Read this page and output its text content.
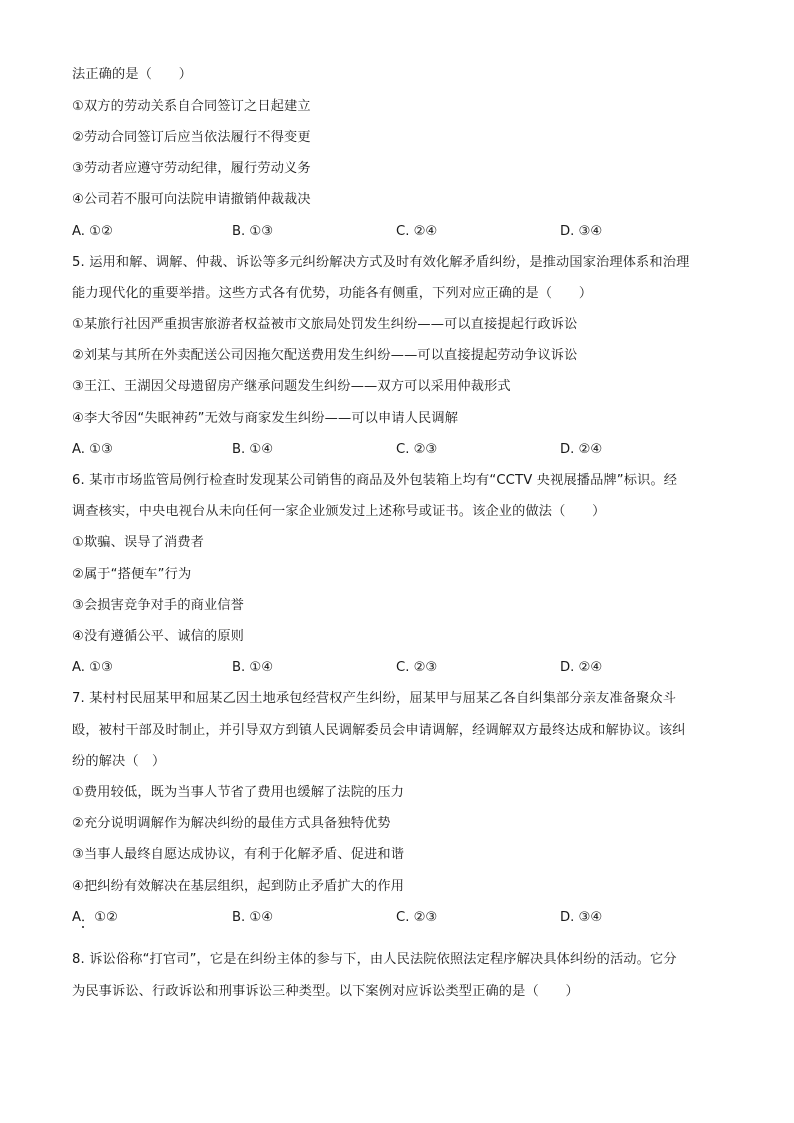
法正确的是（　　）
①双方的劳动关系自合同签订之日起建立
②劳动合同签订后应当依法履行不得变更
③劳动者应遵守劳动纪律，履行劳动义务
④公司若不服可向法院申请撤销仲裁裁决
A. ①②	B. ①③	C. ②④	D. ③④
5. 运用和解、调解、仲裁、诉讼等多元纠纷解决方式及时有效化解矛盾纠纷，是推动国家治理体系和治理
能力现代化的重要举措。这些方式各有优势，功能各有侧重，下列对应正确的是（　　）
①某旅行社因严重损害旅游者权益被市文旅局处罚发生纠纷——可以直接提起行政诉讼
②刘某与其所在外卖配送公司因拖欠配送费用发生纠纷——可以直接提起劳动争议诉讼
③王江、王湖因父母遗留房产继承问题发生纠纷——双方可以采用仲裁形式
④李大爷因“失眠神药”无效与商家发生纠纷——可以申请人民调解
A. ①③	B. ①④	C. ②③	D. ②④
6. 某市市场监管局例行检查时发现某公司销售的商品及外包装箱上均有“CCTV 央视展播品牌”标识。经
调查核实，中央电视台从未向任何一家企业颁发过上述称号或证书。该企业的做法（　　）
①欺骗、误导了消费者
②属于“搭便车”行为
③会损害竞争对手的商业信誉
④没有遵循公平、诚信的原则
A. ①③	B. ①④	C. ②③	D. ②④
7. 某村村民屈某甲和屈某乙因土地承包经营权产生纠纷，屈某甲与屈某乙各自纠集部分亲友准备聚众斗
殴，被村干部及时制止，并引导双方到镇人民调解委员会申请调解，经调解双方最终达成和解协议。该纠
纷的解决（　）
①费用较低，既为当事人节省了费用也缓解了法院的压力
②充分说明调解作为解决纠纷的最佳方式具备独特优势
③当事人最终自愿达成协议，有利于化解矛盾、促进和谐
④把纠纷有效解决在基层组织，起到防止矛盾扩大的作用
A．①②	B. ①④	C. ②③	D. ③④
8. 诉讼俗称“打官司”，它是在纠纷主体的参与下，由人民法院依照法定程序解决具体纠纷的活动。它分
为民事诉讼、行政诉讼和刑事诉讼三种类型。以下案例对应诉讼类型正确的是（　　）
